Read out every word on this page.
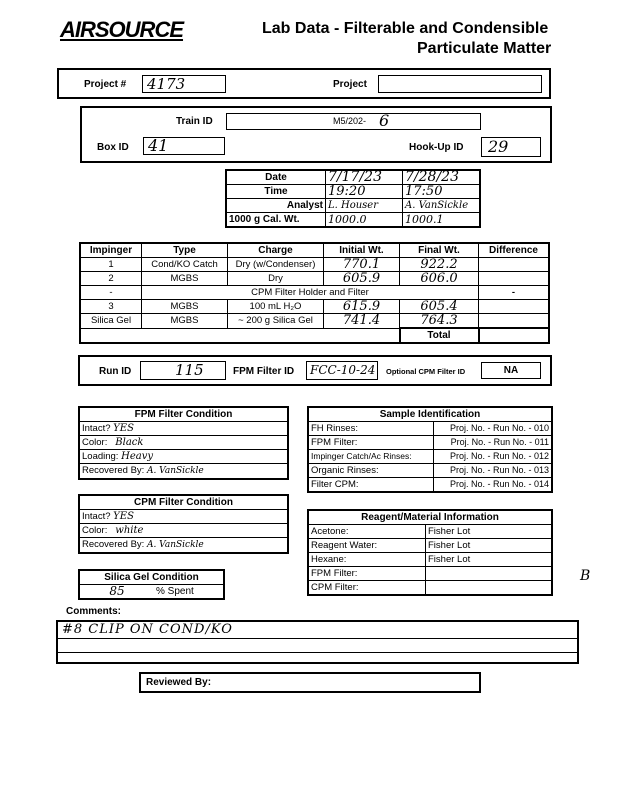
AIRSOURCE	Lab Data - Filterable and Condensible
Particulate Matter
Project #	4173	Project
Train ID	M5/202- 6
Box ID	41	Hook-Up ID	29
Date	7/17/23	7/28/23
Time	19:20	17:50
Analyst	L. Houser	A. VanSickle
1000 g Cal. Wt.	1000.0	1000.1
Impinger	Type	Charge	Initial Wt.	Final Wt.	Difference
1	Cond/KO Catch	Dry (w/Condenser)	770.1	922.2	
2	MGBS	Dry	605.9	606.0	
-	CPM Filter Holder and Filter				-
3	MGBS	100 mL H₂O	615.9	605.4	
Silica Gel	MGBS	~ 200 g Silica Gel	741.4	764.3	
				Total	
Run ID	115	FPM Filter ID	FCC-10-24	Optional CPM Filter ID	NA
FPM Filter Condition
Intact? YES
Color: Black
Loading: Heavy
Recovered By: A. VanSickle
CPM Filter Condition
Intact? YES
Color: white
Recovered By: A. VanSickle
Silica Gel Condition
85	% Spent
Sample Identification	
FH Rinses:	Proj. No. - Run No. - 010
FPM Filter:	Proj. No. - Run No. - 011
Impinger Catch/Ac Rinses:	Proj. No. - Run No. - 012
Organic Rinses:	Proj. No. - Run No. - 013
Filter CPM:	Proj. No. - Run No. - 014
Reagent/Material Information	
Acetone:	Fisher Lot
Reagent Water:	Fisher Lot
Hexane:	Fisher Lot
FPM Filter:	
CPM Filter:	
B
Comments:
#8 CLIP ON COND/KO
Reviewed By:
